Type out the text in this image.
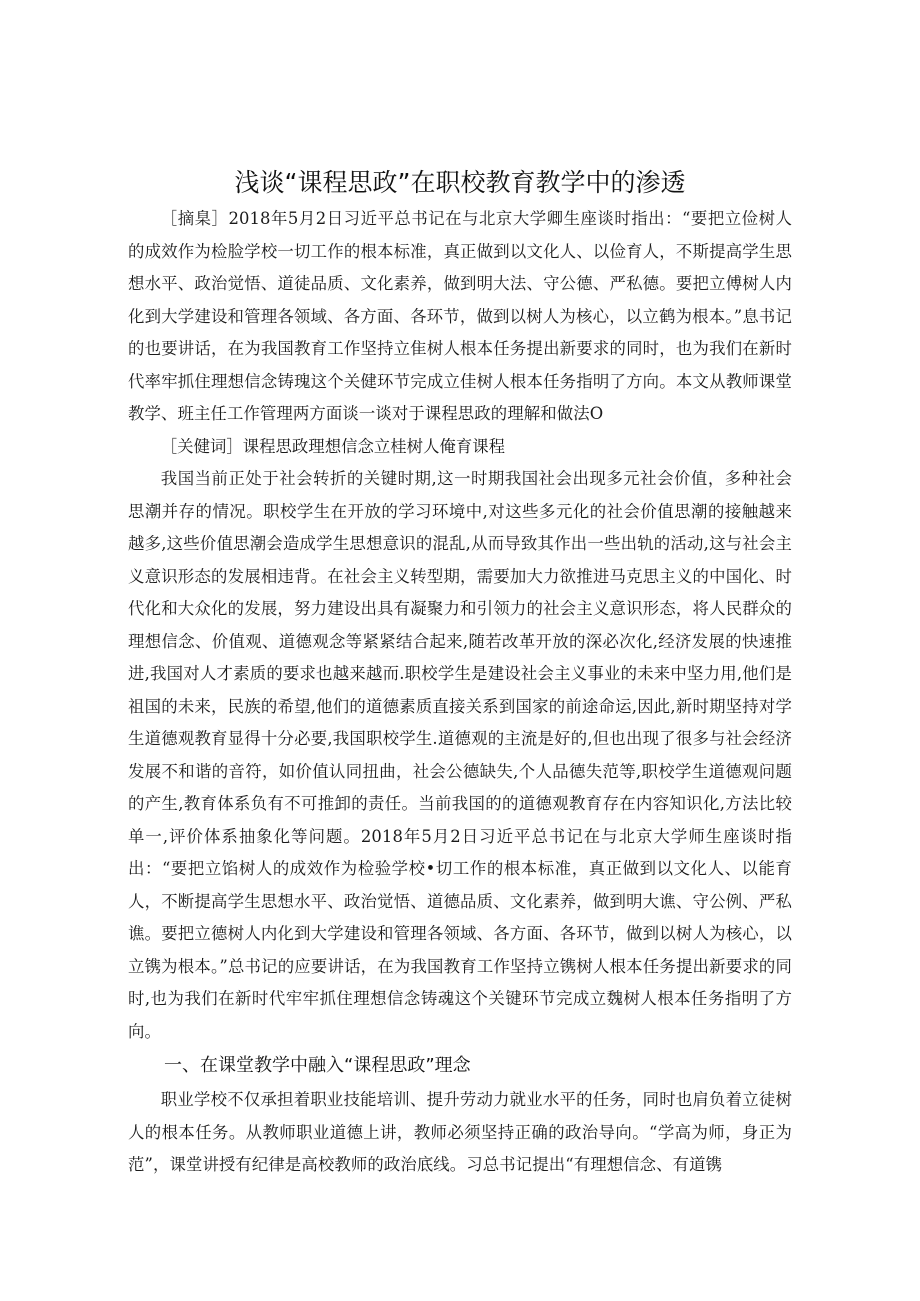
浅谈“课程思政”在职校教育教学中的渗透

［摘臬］2018年5月2日习近平总书记在与北京大学卿生座谈时指出：“要把立俭树人的成效作为检脸学校一切工作的根本标准，真正做到以文化人、以俭育人，不斯提高学生思想水平、政治觉悟、道徒品质、文化素养，做到明大法、守公德、严私德。要把立傅树人内化到大学建设和管理各领域、各方面、各环节，做到以树人为核心，以立鹤为根本。”息书记的也要讲话，在为我国教育工作坚持立隹树人根本任务提出新要求的同时，也为我们在新时代率牢抓住理想信念铸瑰这个关健环节完成立佳树人根本任务指明了方向。本文从教师课堂教学、班主任工作管理两方面谈一谈对于课程思政的理解和做法O

［关健词］课程思政理想信念立桂树人俺育课程

我国当前正处于社会转折的关键时期,这一时期我国社会出现多元社会价值，多种社会思潮并存的情况。职校学生在开放的学习环境中,对这些多元化的社会价值思潮的接触越来越多,这些价值思潮会造成学生思想意识的混乱,从而导致其作出一些出轨的活动,这与社会主义意识形态的发展相违背。在社会主义转型期，需要加大力欲推进马克思主义的中国化、时代化和大众化的发展，努力建设出具有凝聚力和引领力的社会主义意识形态，将人民群众的理想信念、价值观、道德观念等紧紧结合起来,随若改革开放的深必次化,经济发展的快速推进,我国对人才素质的要求也越来越而.职校学生是建设社会主义事业的未来中坚力用,他们是祖国的未来，民族的希望,他们的道德素质直接关系到国家的前途命运,因此,新时期坚持对学生道德观教育显得十分必要,我国职校学生.道德观的主流是好的,但也出现了很多与社会经济发展不和谐的音符，如价值认同扭曲，社会公德缺失,个人品德失范等,职校学生道德观问题的产生,教育体系负有不可推卸的责任。当前我国的的道德观教育存在内容知识化,方法比较单一,评价体系抽象化等问题。2018年5月2日习近平总书记在与北京大学师生座谈时指出：“要把立馅树人的成效作为检验学校•切工作的根本标准，真正做到以文化人、以能育人，不断提高学生思想水平、政治觉悟、道德品质、文化素养，做到明大谯、守公例、严私谯。要把立德树人内化到大学建设和管理各领域、各方面、各环节，做到以树人为核心，以立镌为根本。”总书记的应要讲话，在为我国教育工作坚持立镌树人根本任务提出新要求的同时,也为我们在新时代牢牢抓住理想信念铸魂这个关键环节完成立魏树人根本任务指明了方向。

一、在课堂教学中融入“课程思政”理念

职业学校不仅承担着职业技能培训、提升劳动力就业水平的任务，同时也肩负着立徒树人的根本任务。从教师职业道德上讲，教师必须坚持正确的政治导向。“学高为师，身正为范”，课堂讲授有纪律是高校教师的政治底线。习总书记提出“有理想信念、有道镌
